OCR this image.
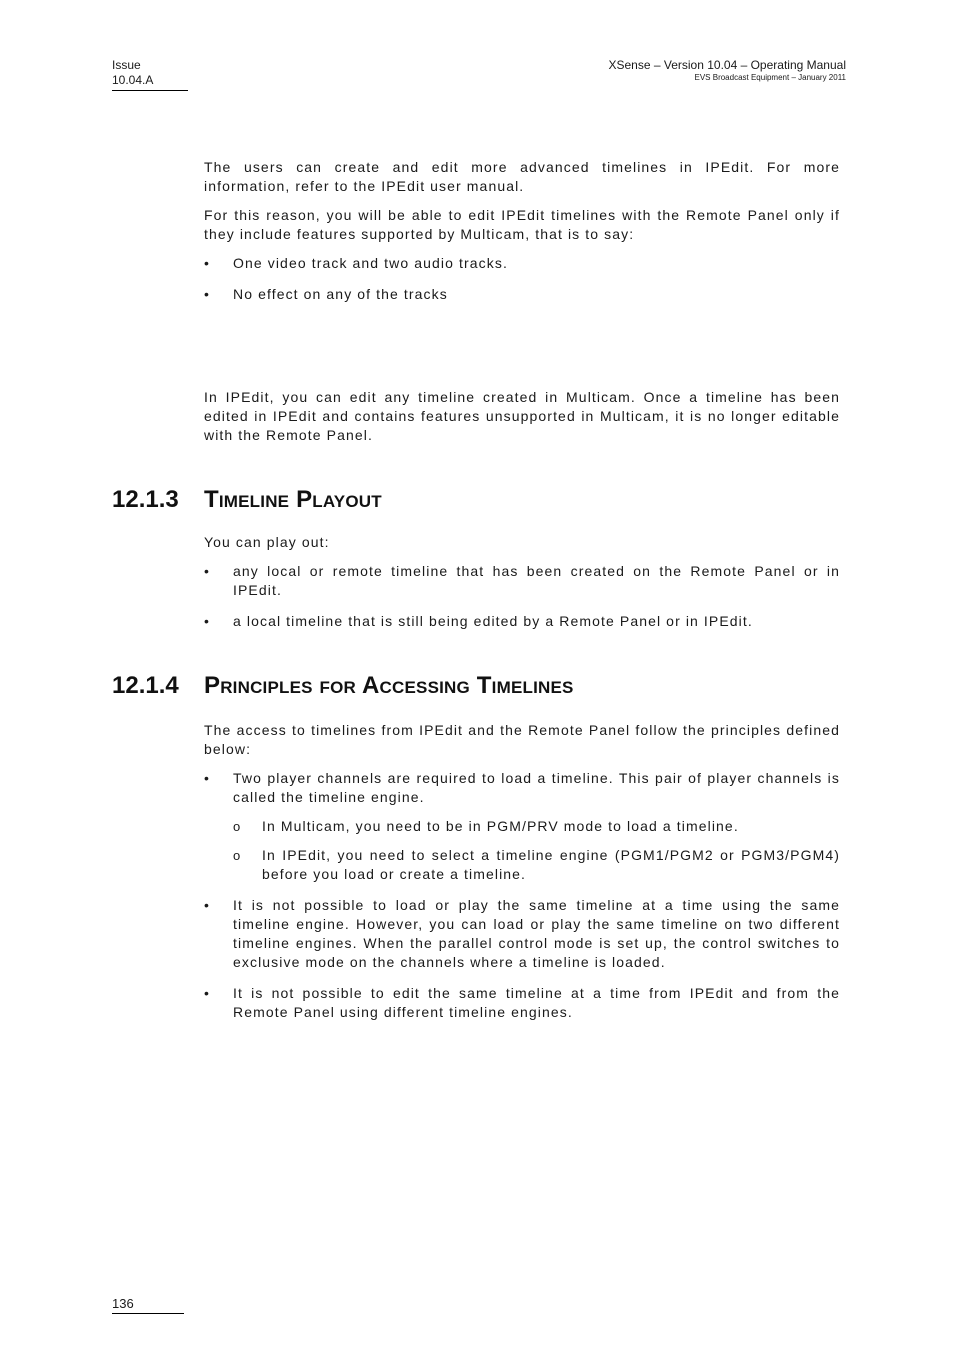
Issue
10.04.A
XSense – Version 10.04 – Operating Manual
EVS Broadcast Equipment – January 2011

The users can create and edit more advanced timelines in IPEdit. For more information, refer to the IPEdit user manual.

For this reason, you will be able to edit IPEdit timelines with the Remote Panel only if they include features supported by Multicam, that is to say:

• One video track and two audio tracks.
• No effect on any of the tracks

In IPEdit, you can edit any timeline created in Multicam. Once a timeline has been edited in IPEdit and contains features unsupported in Multicam, it is no longer editable with the Remote Panel.

12.1.3 Timeline Playout

You can play out:

• any local or remote timeline that has been created on the Remote Panel or in IPEdit.
• a local timeline that is still being edited by a Remote Panel or in IPEdit.
12.1.4 Principles for Accessing Timelines

The access to timelines from IPEdit and the Remote Panel follow the principles defined below:

• Two player channels are required to load a timeline. This pair of player channels is called the timeline engine.
o In Multicam, you need to be in PGM/PRV mode to load a timeline.
o In IPEdit, you need to select a timeline engine (PGM1/PGM2 or PGM3/PGM4) before you load or create a timeline.
• It is not possible to load or play the same timeline at a time using the same timeline engine. However, you can load or play the same timeline on two different timeline engines. When the parallel control mode is set up, the control switches to exclusive mode on the channels where a timeline is loaded.
• It is not possible to edit the same timeline at a time from IPEdit and from the Remote Panel using different timeline engines.
136
